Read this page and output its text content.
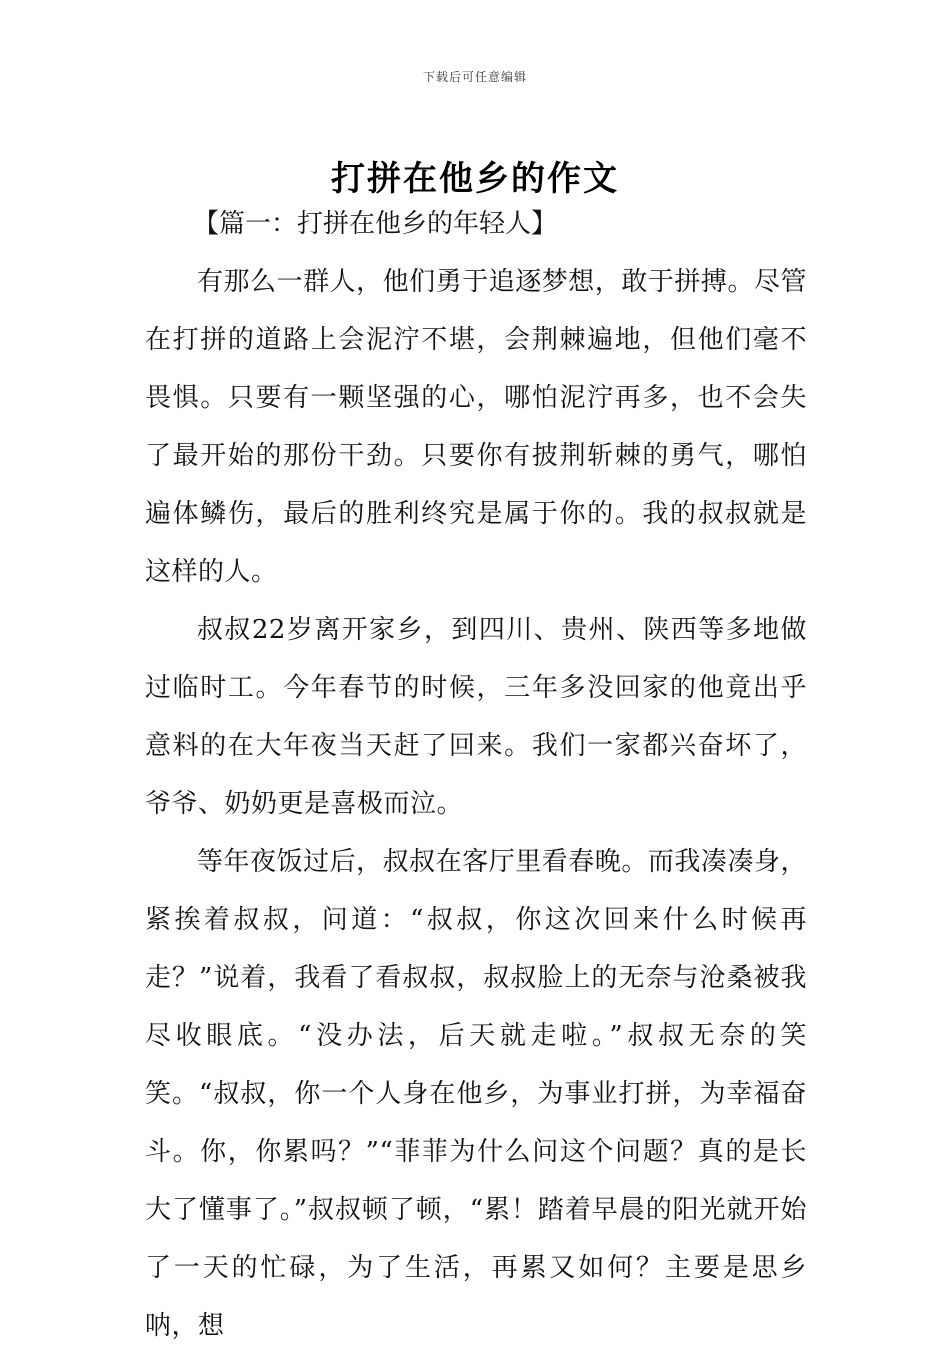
下载后可任意编辑
打拼在他乡的作文

【篇一：打拼在他乡的年轻人】

有那么一群人，他们勇于追逐梦想，敢于拼搏。尽管在打拼的道路上会泥泞不堪，会荆棘遍地，但他们毫不畏惧。只要有一颗坚强的心，哪怕泥泞再多，也不会失了最开始的那份干劲。只要你有披荆斩棘的勇气，哪怕遍体鳞伤，最后的胜利终究是属于你的。我的叔叔就是这样的人。

叔叔22岁离开家乡，到四川、贵州、陕西等多地做过临时工。今年春节的时候，三年多没回家的他竟出乎意料的在大年夜当天赶了回来。我们一家都兴奋坏了，爷爷、奶奶更是喜极而泣。

等年夜饭过后，叔叔在客厅里看春晚。而我凑凑身，紧挨着叔叔，问道：“叔叔，你这次回来什么时候再走？”说着，我看了看叔叔，叔叔脸上的无奈与沧桑被我尽收眼底。“没办法，后天就走啦。”叔叔无奈的笑笑。“叔叔，你一个人身在他乡，为事业打拼，为幸福奋斗。你，你累吗？”“菲菲为什么问这个问题？真的是长大了懂事了。”叔叔顿了顿，“累！踏着早晨的阳光就开始了一天的忙碌，为了生活，再累又如何？主要是思乡呐，想
